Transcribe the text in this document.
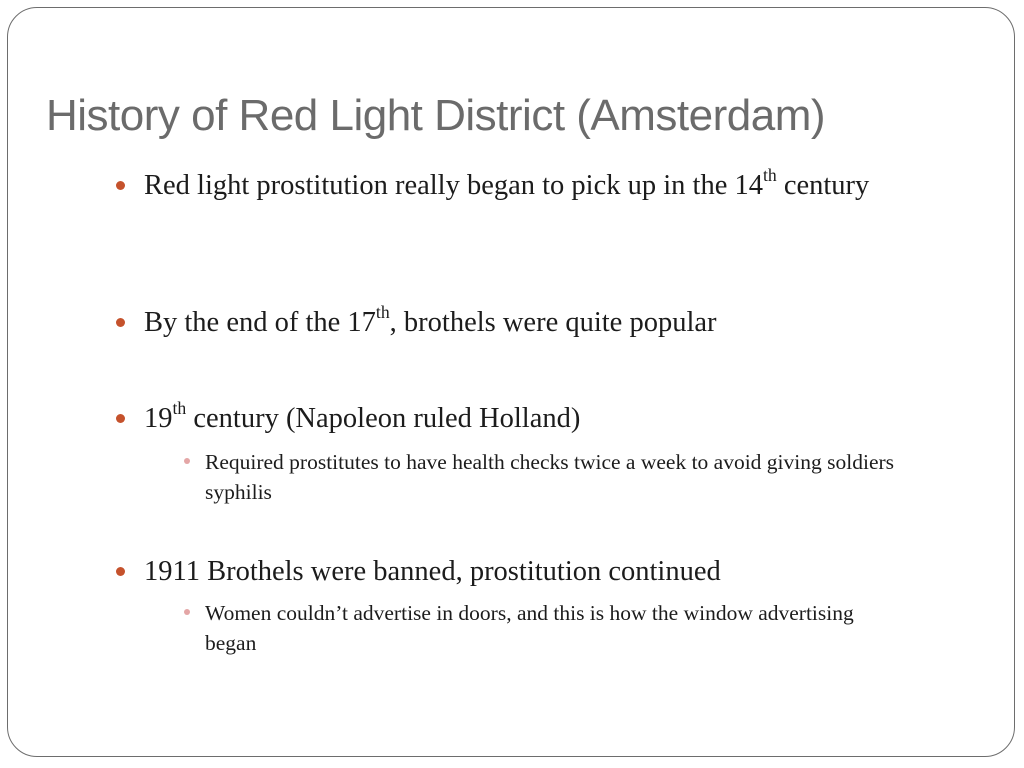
History of Red Light District (Amsterdam)
Red light prostitution really began to pick up in the 14th century
By the end of the 17th, brothels were quite popular
19th century (Napoleon ruled Holland)
Required prostitutes to have health checks twice a week to avoid giving soldiers syphilis
1911 Brothels were banned, prostitution continued
Women couldn’t advertise in doors, and this is how the window advertising began
